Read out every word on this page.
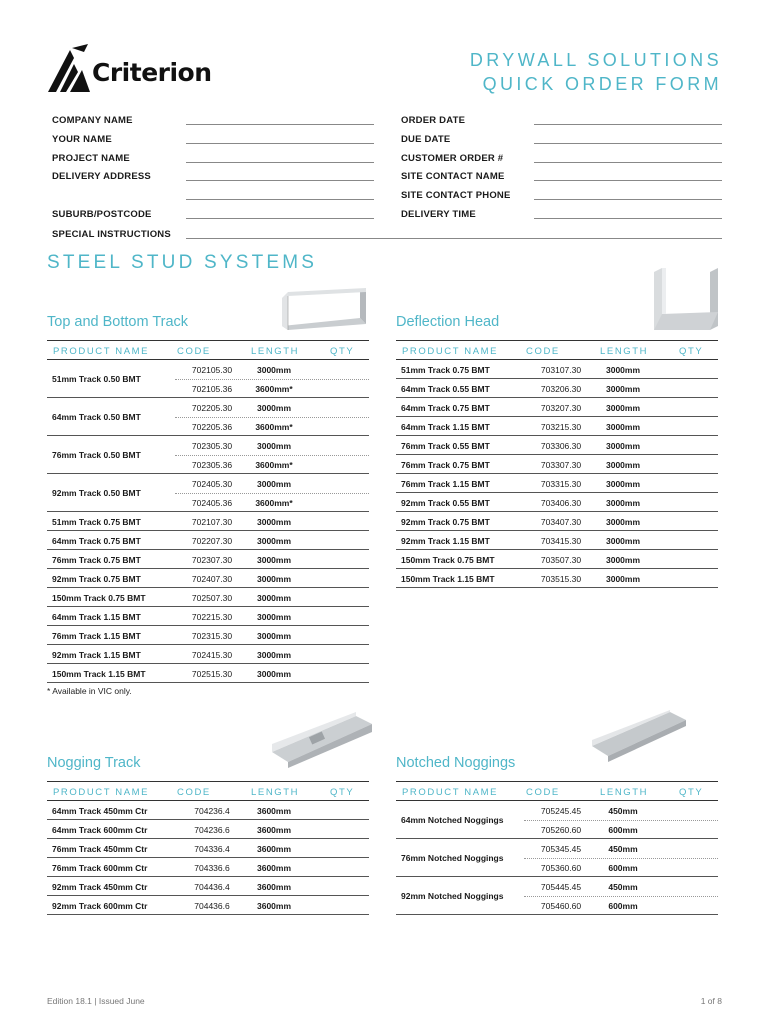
Criterion	DRYWALL SOLUTIONS
QUICK ORDER FORM
COMPANY NAME
YOUR NAME
PROJECT NAME
DELIVERY ADDRESS
SUBURB/POSTCODE
ORDER DATE
DUE DATE
CUSTOMER ORDER #
SITE CONTACT NAME
SITE CONTACT PHONE
DELIVERY TIME
SPECIAL INSTRUCTIONS
STEEL STUD SYSTEMS
Top and Bottom Track	Deflection Head
Nogging Track	Notched Noggings
PRODUCT NAME	CODE	LENGTH	QTY
51mm Track 0.50 BMT
702105.30	3000mm
702105.36	3600mm*
64mm Track 0.50 BMT
702205.30	3000mm
702205.36	3600mm*
76mm Track 0.50 BMT
702305.30	3000mm
702305.36	3600mm*
92mm Track 0.50 BMT
702405.30	3000mm
702405.36	3600mm*
51mm Track 0.75 BMT	702107.30	3000mm
64mm Track 0.75 BMT	702207.30	3000mm
76mm Track 0.75 BMT	702307.30	3000mm
92mm Track 0.75 BMT	702407.30	3000mm
150mm Track 0.75 BMT	702507.30	3000mm
64mm Track 1.15 BMT	702215.30	3000mm
76mm Track 1.15 BMT	702315.30	3000mm
92mm Track 1.15 BMT	702415.30	3000mm
150mm Track 1.15 BMT	702515.30	3000mm
PRODUCT NAME	CODE	LENGTH	QTY
51mm Track 0.75 BMT	703107.30	3000mm
64mm Track 0.55 BMT	703206.30	3000mm
64mm Track 0.75 BMT	703207.30	3000mm
64mm Track 1.15 BMT	703215.30	3000mm
76mm Track 0.55 BMT	703306.30	3000mm
76mm Track 0.75 BMT	703307.30	3000mm
76mm Track 1.15 BMT	703315.30	3000mm
92mm Track 0.55 BMT	703406.30	3000mm
92mm Track 0.75 BMT	703407.30	3000mm
92mm Track 1.15 BMT	703415.30	3000mm
150mm Track 0.75 BMT	703507.30	3000mm
150mm Track 1.15 BMT	703515.30	3000mm
PRODUCT NAME	CODE	LENGTH	QTY
64mm Track 450mm Ctr	704236.4	3600mm
64mm Track 600mm Ctr	704236.6	3600mm
76mm Track 450mm Ctr	704336.4	3600mm
76mm Track 600mm Ctr	704336.6	3600mm
92mm Track 450mm Ctr	704436.4	3600mm
92mm Track 600mm Ctr	704436.6	3600mm
PRODUCT NAME	CODE	LENGTH	QTY
64mm Notched Noggings
705245.45	450mm
705260.60	600mm
76mm Notched Noggings
705345.45	450mm
705360.60	600mm
92mm Notched Noggings
705445.45	450mm
705460.60	600mm
* Available in VIC only.
Edition 18.1 | Issued June	1 of 8
